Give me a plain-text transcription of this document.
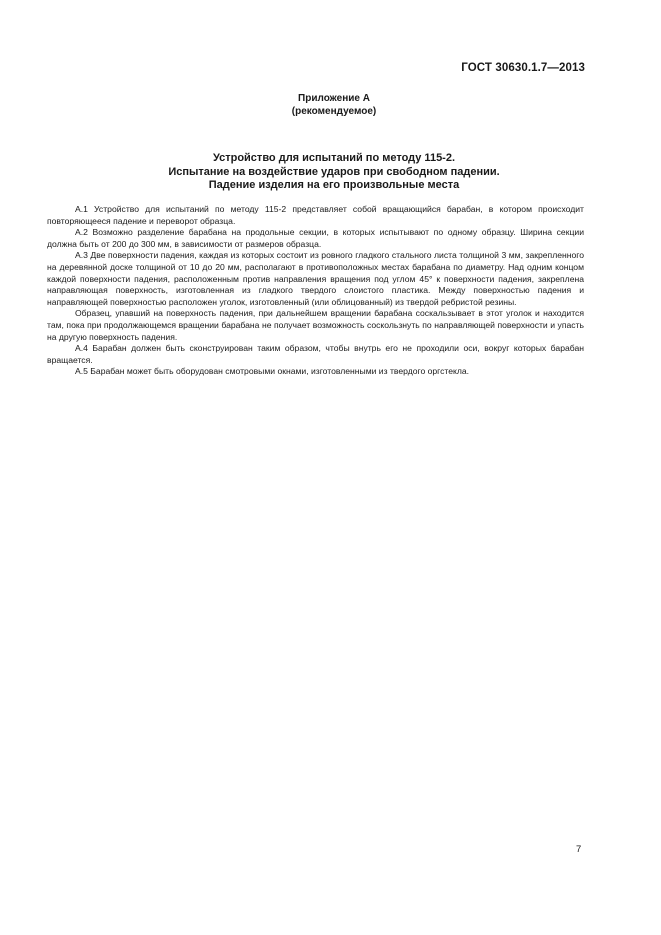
ГОСТ 30630.1.7—2013
Приложение А
(рекомендуемое)
Устройство для испытаний по методу 115-2.
Испытание на воздействие ударов при свободном падении.
Падение изделия на его произвольные места

А.1 Устройство для испытаний по методу 115-2 представляет собой вращающийся барабан, в котором происходит повторяющееся падение и переворот образца.

А.2 Возможно разделение барабана на продольные секции, в которых испытывают по одному образцу. Ширина секции должна быть от 200 до 300 мм, в зависимости от размеров образца.

А.3 Две поверхности падения, каждая из которых состоит из ровного гладкого стального листа толщиной 3 мм, закрепленного на деревянной доске толщиной от 10 до 20 мм, располагают в противоположных местах барабана по диаметру. Над одним концом каждой поверхности падения, расположенным против направления вращения под углом 45° к поверхности падения, закреплена направляющая поверхность, изготовленная из гладкого твердого слоистого пластика. Между поверхностью падения и направляющей поверхностью расположен уголок, изготовленный (или облицованный) из твердой ребристой резины.

Образец, упавший на поверхность падения, при дальнейшем вращении барабана соскальзывает в этот уголок и находится там, пока при продолжающемся вращении барабана не получает возможность соскользнуть по направляющей поверхности и упасть на другую поверхность падения.

А.4 Барабан должен быть сконструирован таким образом, чтобы внутрь его не проходили оси, вокруг которых барабан вращается.

А.5 Барабан может быть оборудован смотровыми окнами, изготовленными из твердого оргстекла.

7
